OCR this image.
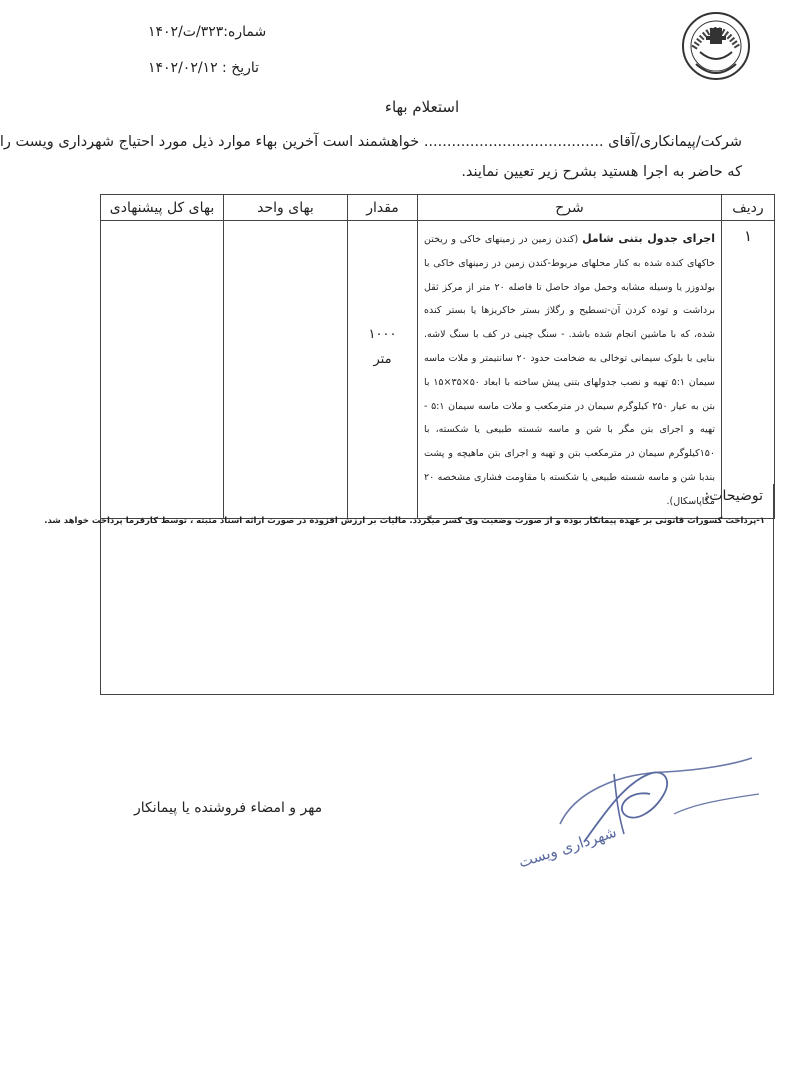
شماره:۳۲۳/ت/۱۴۰۲
تاریخ : ۱۴۰۲/۰۲/۱۲
استعلام بهاء
شرکت/پیمانکاری/آقای ....................................... خواهشمند است آخرین بهاء موارد ذیل مورد احتیاج شهرداری ویست را
که حاضر به اجرا هستید بشرح زیر تعیین نمایند.
ردیف	شرح	مقدار	بهای واحد	بهای کل پیشنهادی
۱	اجرای جدول بتنی شامل (کندن زمین در زمینهای خاکی و ریختن خاکهای کنده شده به کنار محلهای مربوط-کندن زمین در زمینهای خاکی با بولدوزر یا وسیله مشابه وحمل مواد حاصل تا فاصله ۲۰ متر از مرکز ثقل برداشت و توده کردن آن-تسطیح و رگلاژ بستر خاکریزها یا بستر کنده شده، که با ماشین انجام شده باشد. - سنگ چینی در کف با سنگ لاشه. بنایی با بلوک سیمانی توخالی به ضخامت حدود ۲۰ سانتیمتر و ملات ماسه سیمان ۵:۱ تهیه و نصب جدولهای بتنی پیش ساخته با ابعاد ۵۰×۳۵×۱۵ با بتن به عیار ۲۵۰ کیلوگرم سیمان در مترمکعب و ملات ماسه سیمان ۵:۱ - تهیه و اجرای بتن مگر با شن و ماسه شسته طبیعی یا شکسته، با ۱۵۰کیلوگرم سیمان در مترمکعب بتن و تهیه و اجرای بتن ماهیچه و پشت بندبا شن و ماسه شسته طبیعی یا شکسته با مقاومت فشاری مشخصه ۲۰ مگاپاسکال).	۱۰۰۰
متر		

توضیحات:
۱-پرداخت کسورات قانونی بر عهده پیمانکار بوده و از صورت وضعیت وی کسر میگردد. مالیات بر ارزش افزوده در صورت ارائه اسناد مثبته ، توسط کارفرما پرداخت خواهد شد.
مهر و امضاء فروشنده یا پیمانکار
شهرداری ویست
